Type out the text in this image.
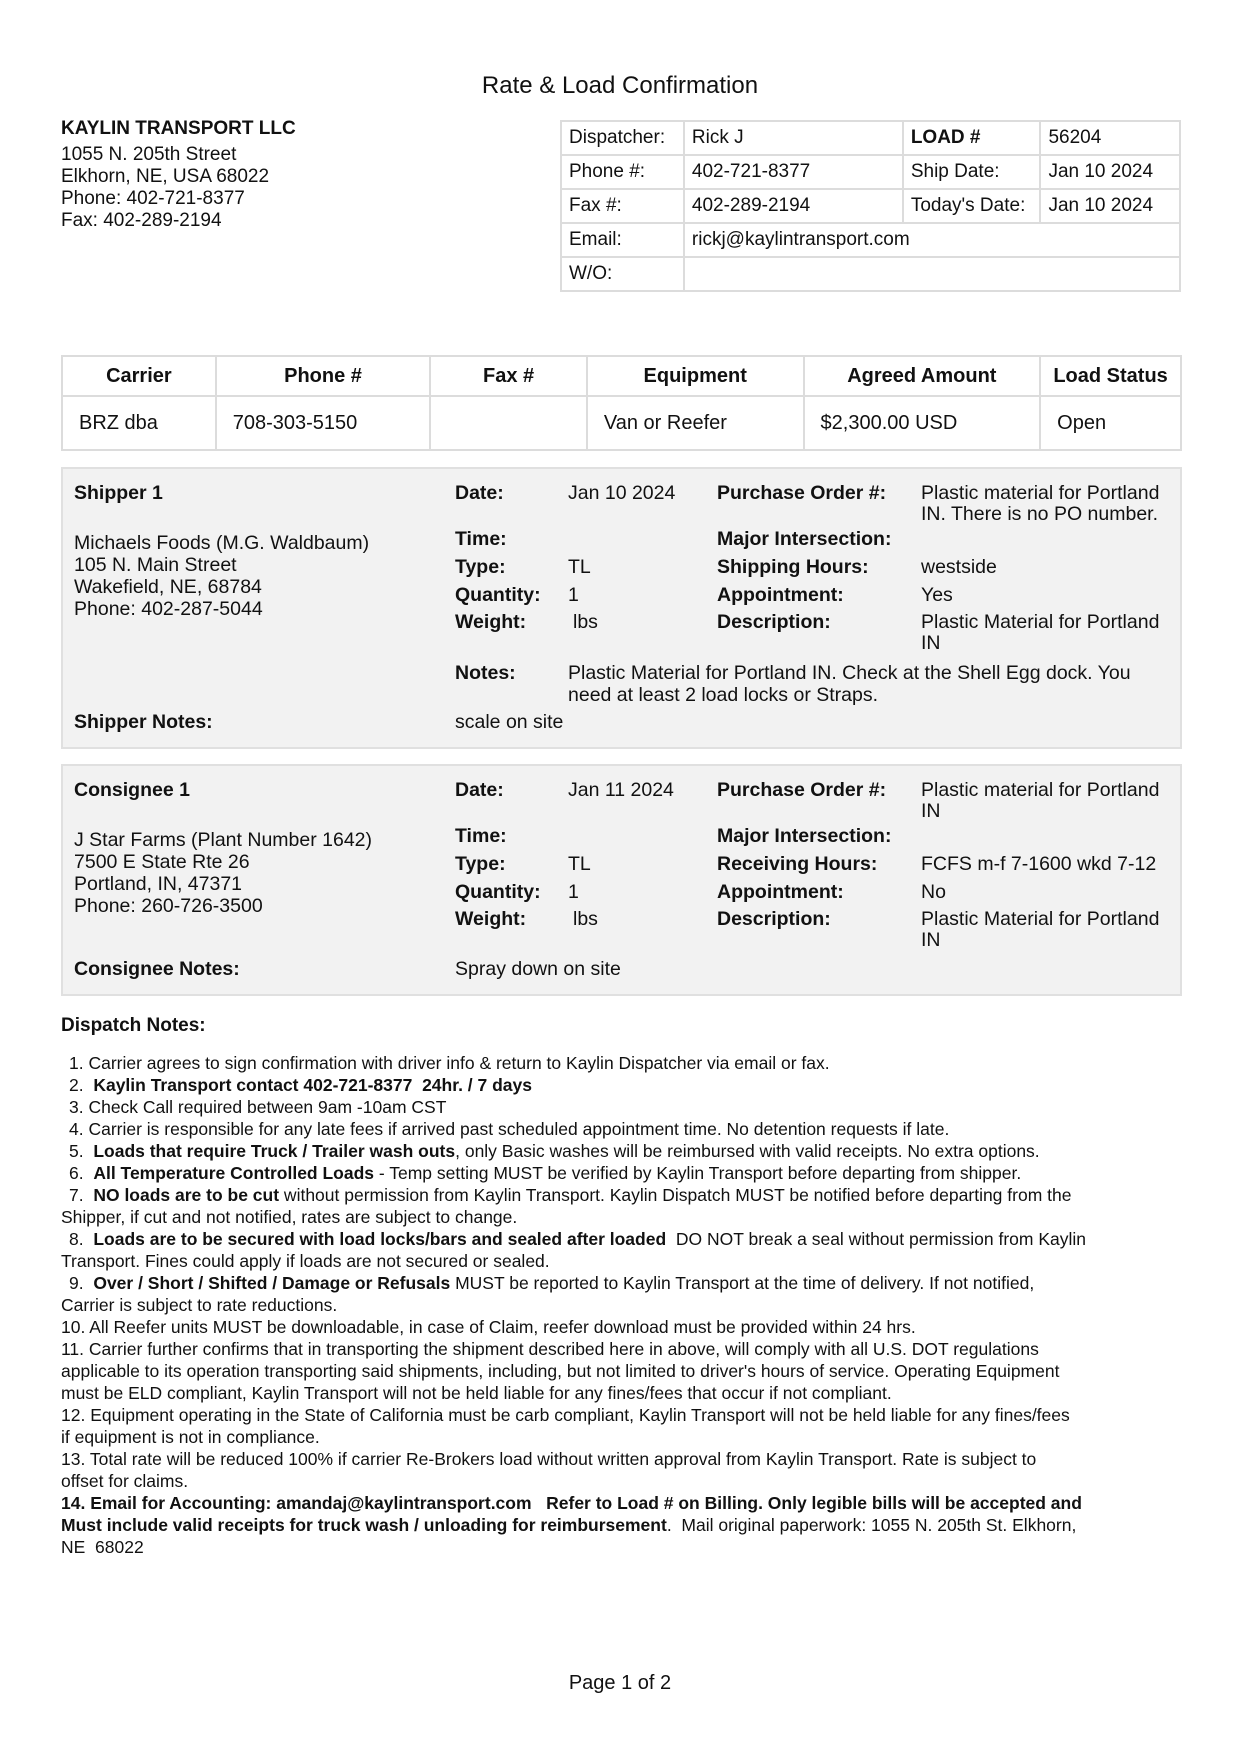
Rate & Load Confirmation
KAYLIN TRANSPORT LLC
1055 N. 205th Street
Elkhorn, NE, USA 68022
Phone: 402-721-8377
Fax: 402-289-2194
Dispatcher:	Rick J	LOAD #	56204
Phone #:	402-721-8377	Ship Date:	Jan 10 2024
Fax #:	402-289-2194	Today's Date:	Jan 10 2024
Email:	rickj@kaylintransport.com		
W/O:			
Carrier	Phone #	Fax #	Equipment	Agreed Amount	Load Status
BRZ dba	708-303-5150		Van or Reefer	$2,300.00 USD	Open
Shipper 1
Michaels Foods (M.G. Waldbaum)
105 N. Main Street
Wakefield, NE, 68784
Phone: 402-287-5044
Date:	Jan 10 2024
Time:
Type:	TL
Quantity: 1
Weight: lbs
Notes:	Plastic Material for Portland IN. Check at the Shell Egg dock. You
need at least 2 load locks or Straps.
Purchase Order #: Plastic material for Portland
IN. There is no PO number.
Major Intersection:
Shipping Hours:	westside
Appointment:	Yes
Description:	Plastic Material for Portland
IN
Shipper Notes:	scale on site
Consignee 1
J Star Farms (Plant Number 1642)
7500 E State Rte 26
Portland, IN, 47371
Phone: 260-726-3500
Date:	Jan 11 2024
Time:
Type:	TL
Quantity: 1
Weight: lbs
Purchase Order #: Plastic material for Portland
IN
Major Intersection:
Receiving Hours: FCFS m-f 7-1600 wkd 7-12
Appointment:	No
Description:	Plastic Material for Portland
IN
Consignee Notes:	Spray down on site
Dispatch Notes:
1. Carrier agrees to sign confirmation with driver info & return to Kaylin Dispatcher via email or fax.
2.  Kaylin Transport contact 402-721-8377  24hr. / 7 days
3. Check Call required between 9am -10am CST
4. Carrier is responsible for any late fees if arrived past scheduled appointment time. No detention requests if late.
5.  Loads that require Truck / Trailer wash outs, only Basic washes will be reimbursed with valid receipts. No extra options.
6.  All Temperature Controlled Loads - Temp setting MUST be verified by Kaylin Transport before departing from shipper.
7.  NO loads are to be cut without permission from Kaylin Transport. Kaylin Dispatch MUST be notified before departing from the
Shipper, if cut and not notified, rates are subject to change.
8.  Loads are to be secured with load locks/bars and sealed after loaded  DO NOT break a seal without permission from Kaylin
Transport. Fines could apply if loads are not secured or sealed.
9.  Over / Short / Shifted / Damage or Refusals MUST be reported to Kaylin Transport at the time of delivery. If not notified,
Carrier is subject to rate reductions.
10. All Reefer units MUST be downloadable, in case of Claim, reefer download must be provided within 24 hrs.
11. Carrier further confirms that in transporting the shipment described here in above, will comply with all U.S. DOT regulations
applicable to its operation transporting said shipments, including, but not limited to driver's hours of service. Operating Equipment
must be ELD compliant, Kaylin Transport will not be held liable for any fines/fees that occur if not compliant.
12. Equipment operating in the State of California must be carb compliant, Kaylin Transport will not be held liable for any fines/fees
if equipment is not in compliance.
13. Total rate will be reduced 100% if carrier Re-Brokers load without written approval from Kaylin Transport. Rate is subject to
offset for claims.
14. Email for Accounting: amandaj@kaylintransport.com   Refer to Load # on Billing. Only legible bills will be accepted and
Must include valid receipts for truck wash / unloading for reimbursement.  Mail original paperwork: 1055 N. 205th St. Elkhorn,
NE  68022
Page 1 of 2
